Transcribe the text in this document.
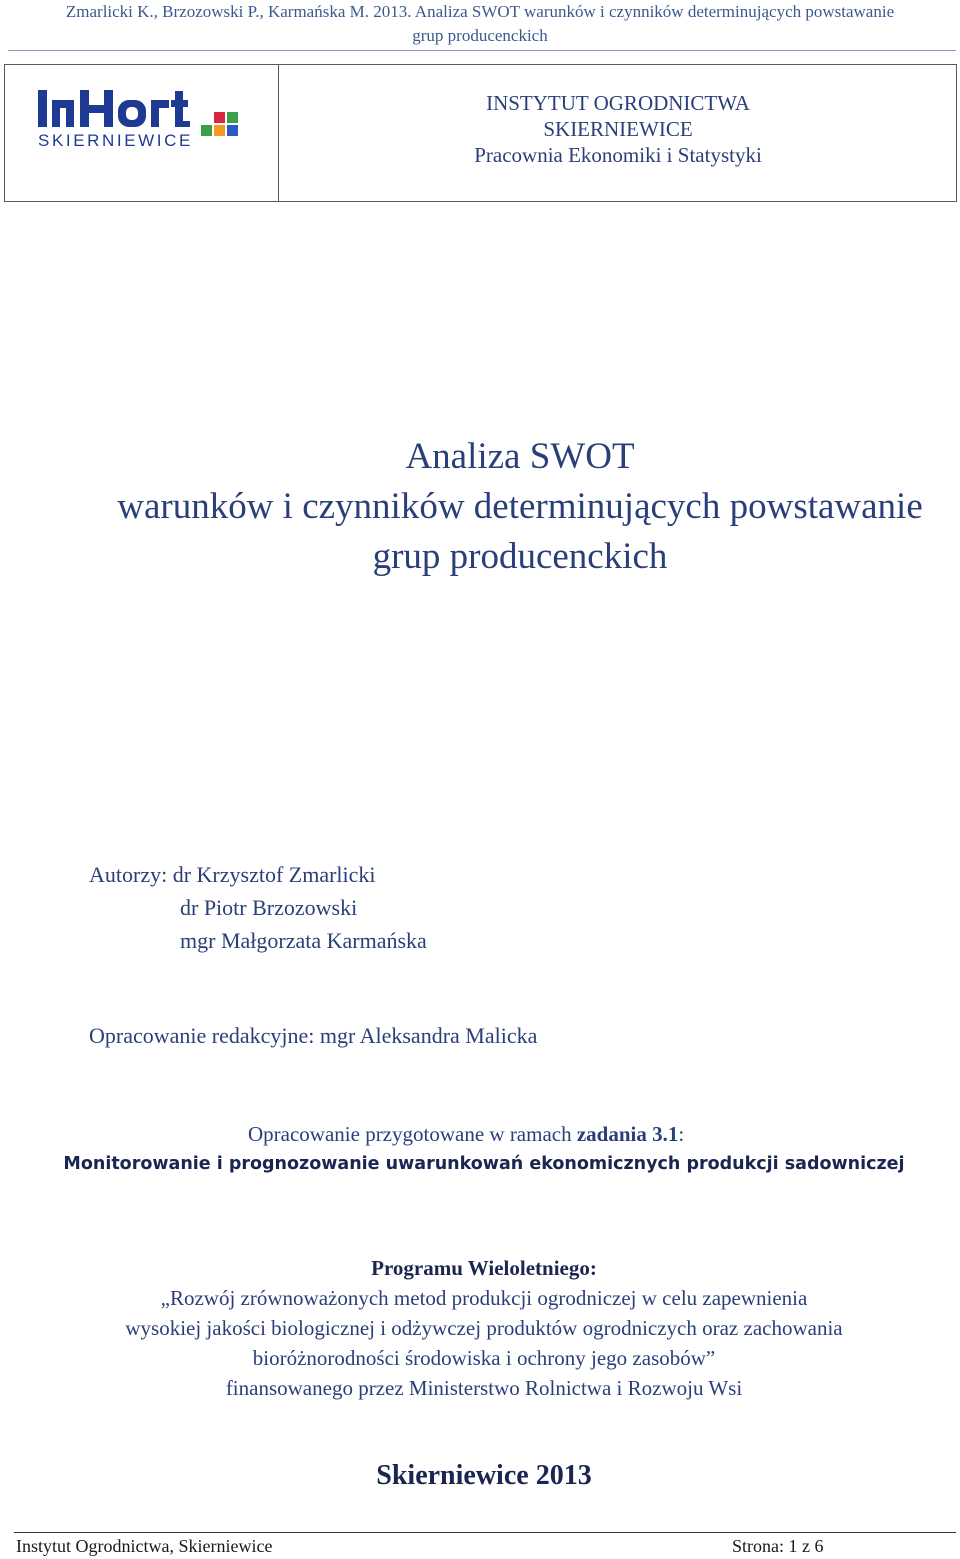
Zmarlicki K., Brzozowski P., Karmańska M. 2013. Analiza SWOT warunków i czynników determinujących powstawanie
grup producenckich
SKIERNIEWICE
INSTYTUT OGRODNICTWA
SKIERNIEWICE
Pracownia Ekonomiki i Statystyki
Analiza SWOT
warunków i czynników determinujących powstawanie
grup producenckich
Autorzy: dr Krzysztof Zmarlicki
dr Piotr Brzozowski
mgr Małgorzata Karmańska
Opracowanie redakcyjne: mgr Aleksandra Malicka
Opracowanie przygotowane w ramach zadania 3.1:
Monitorowanie i prognozowanie uwarunkowań ekonomicznych produkcji sadowniczej
Programu Wieloletniego:
„Rozwój zrównoważonych metod produkcji ogrodniczej w celu zapewnienia
wysokiej jakości biologicznej i odżywczej produktów ogrodniczych oraz zachowania
bioróżnorodności środowiska i ochrony jego zasobów”
finansowanego przez Ministerstwo Rolnictwa i Rozwoju Wsi
Skierniewice 2013
Instytut Ogrodnictwa, Skierniewice	Strona: 1 z 6
